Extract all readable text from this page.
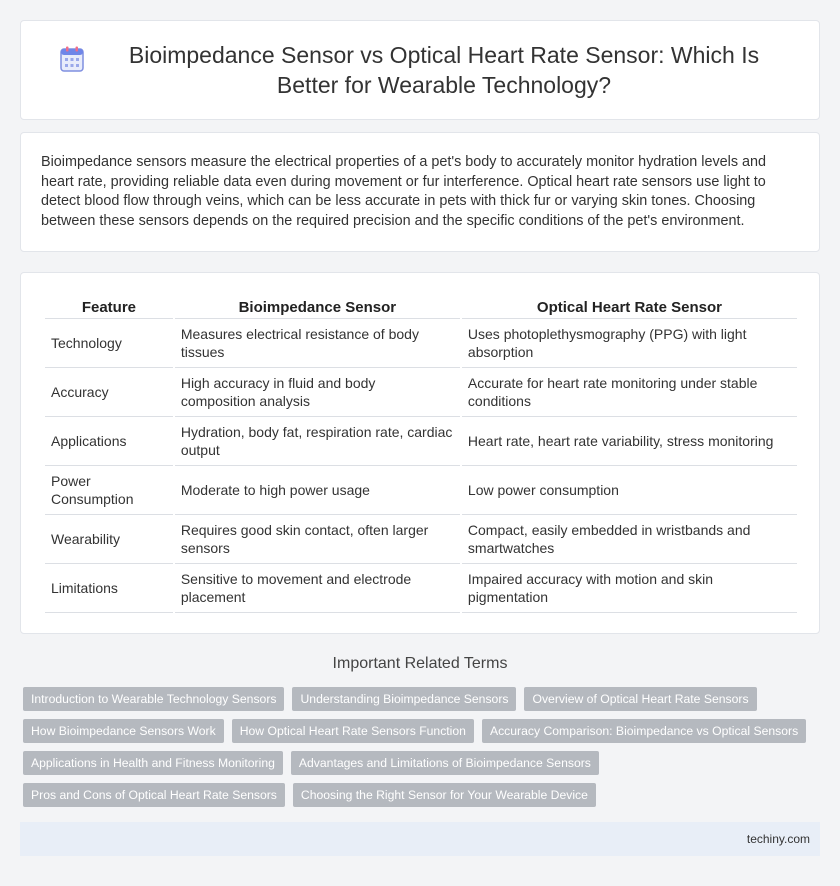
Bioimpedance Sensor vs Optical Heart Rate Sensor: Which Is Better for Wearable Technology?

Bioimpedance sensors measure the electrical properties of a pet's body to accurately monitor hydration levels and heart rate, providing reliable data even during movement or fur interference. Optical heart rate sensors use light to detect blood flow through veins, which can be less accurate in pets with thick fur or varying skin tones. Choosing between these sensors depends on the required precision and the specific conditions of the pet's environment.

Feature	Bioimpedance Sensor	Optical Heart Rate Sensor
Technology	Measures electrical resistance of body tissues	Uses photoplethysmography (PPG) with light absorption
Accuracy	High accuracy in fluid and body composition analysis	Accurate for heart rate monitoring under stable conditions
Applications	Hydration, body fat, respiration rate, cardiac output	Heart rate, heart rate variability, stress monitoring
Power Consumption	Moderate to high power usage	Low power consumption
Wearability	Requires good skin contact, often larger sensors	Compact, easily embedded in wristbands and smartwatches
Limitations	Sensitive to movement and electrode placement	Impaired accuracy with motion and skin pigmentation
Important Related Terms
Introduction to Wearable Technology Sensors	Understanding Bioimpedance Sensors	Overview of Optical Heart Rate Sensors
How Bioimpedance Sensors Work	How Optical Heart Rate Sensors Function	Accuracy Comparison: Bioimpedance vs Optical Sensors
Applications in Health and Fitness Monitoring	Advantages and Limitations of Bioimpedance Sensors
Pros and Cons of Optical Heart Rate Sensors	Choosing the Right Sensor for Your Wearable Device
techiny.com
